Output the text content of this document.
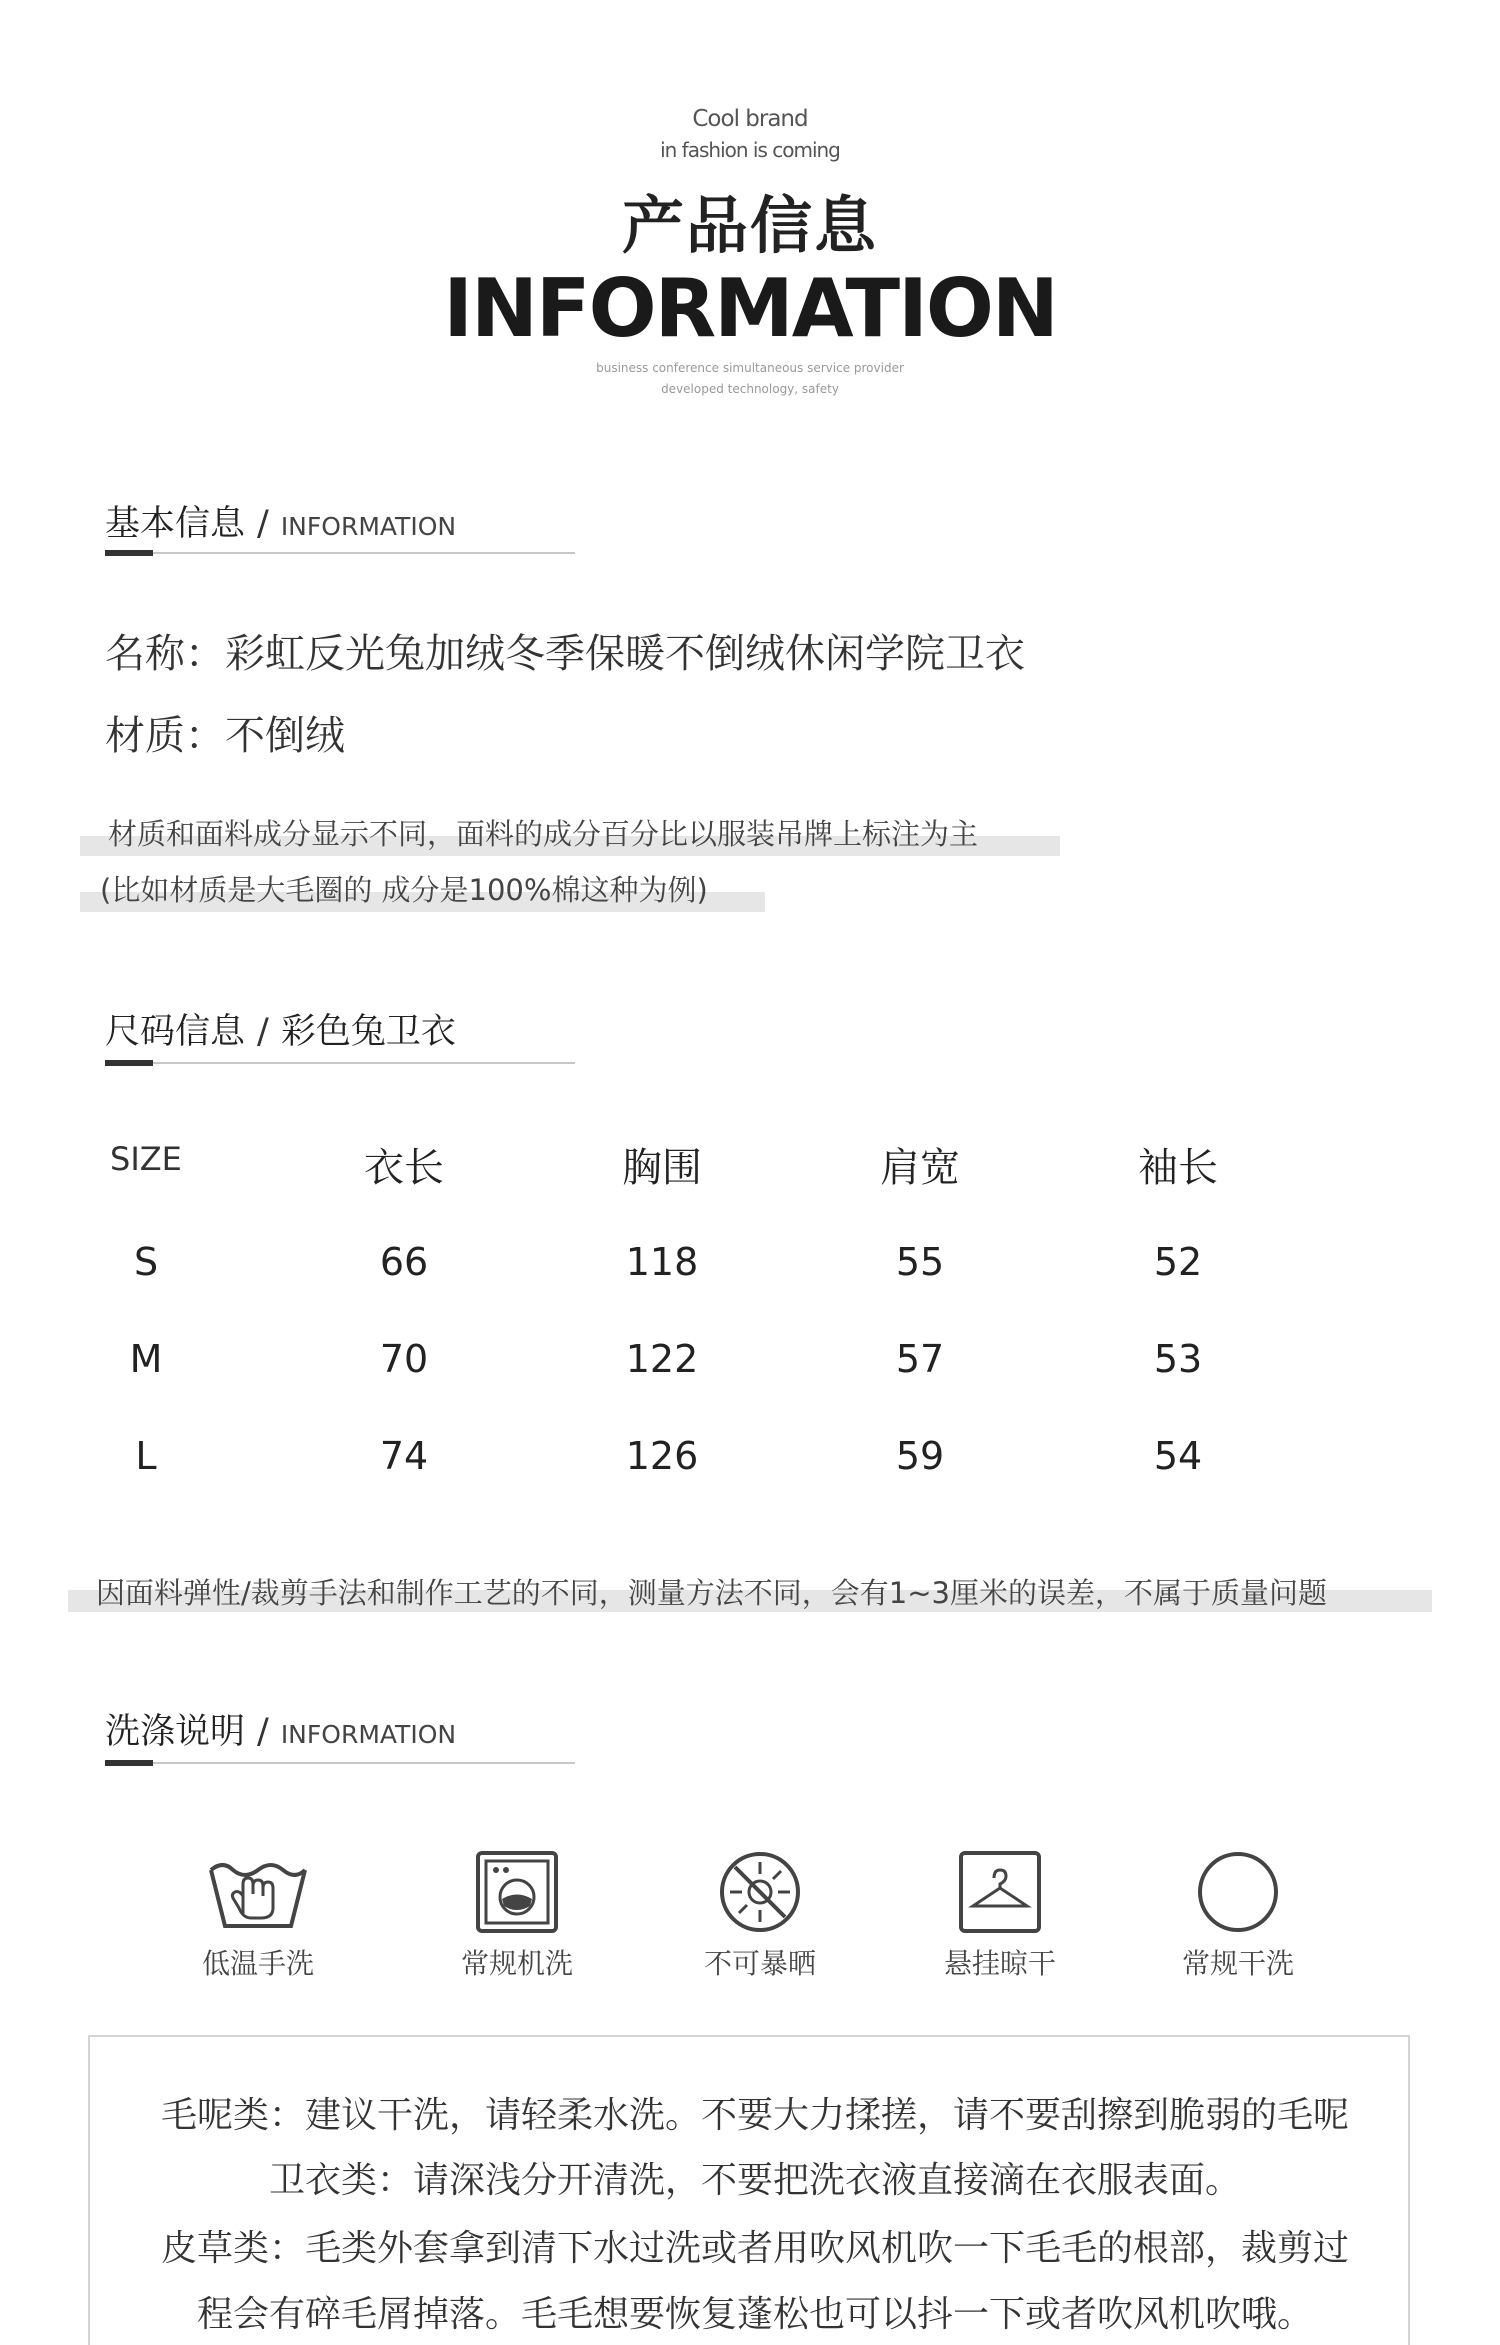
Cool brand
in fashion is coming
产品信息
INFORMATION
business conference simultaneous service provider
developed technology, safety
基本信息 / INFORMATION
名称：彩虹反光兔加绒冬季保暖不倒绒休闲学院卫衣
材质：不倒绒
材质和面料成分显示不同，面料的成分百分比以服装吊牌上标注为主
(比如材质是大毛圈的 成分是100%棉这种为例)
尺码信息 / 彩色兔卫衣
SIZE	衣长	胸围	肩宽	袖长
S	66	118	55	52
M	70	122	57	53
L	74	126	59	54
因面料弹性/裁剪手法和制作工艺的不同，测量方法不同，会有1~3厘米的误差，不属于质量问题
洗涤说明 / INFORMATION
低温手洗	常规机洗	不可暴晒	悬挂晾干	常规干洗
毛呢类：建议干洗，请轻柔水洗。不要大力揉搓，请不要刮擦到脆弱的毛呢
卫衣类：请深浅分开清洗，不要把洗衣液直接滴在衣服表面。
皮草类：毛类外套拿到清下水过洗或者用吹风机吹一下毛毛的根部，裁剪过
程会有碎毛屑掉落。毛毛想要恢复蓬松也可以抖一下或者吹风机吹哦。
